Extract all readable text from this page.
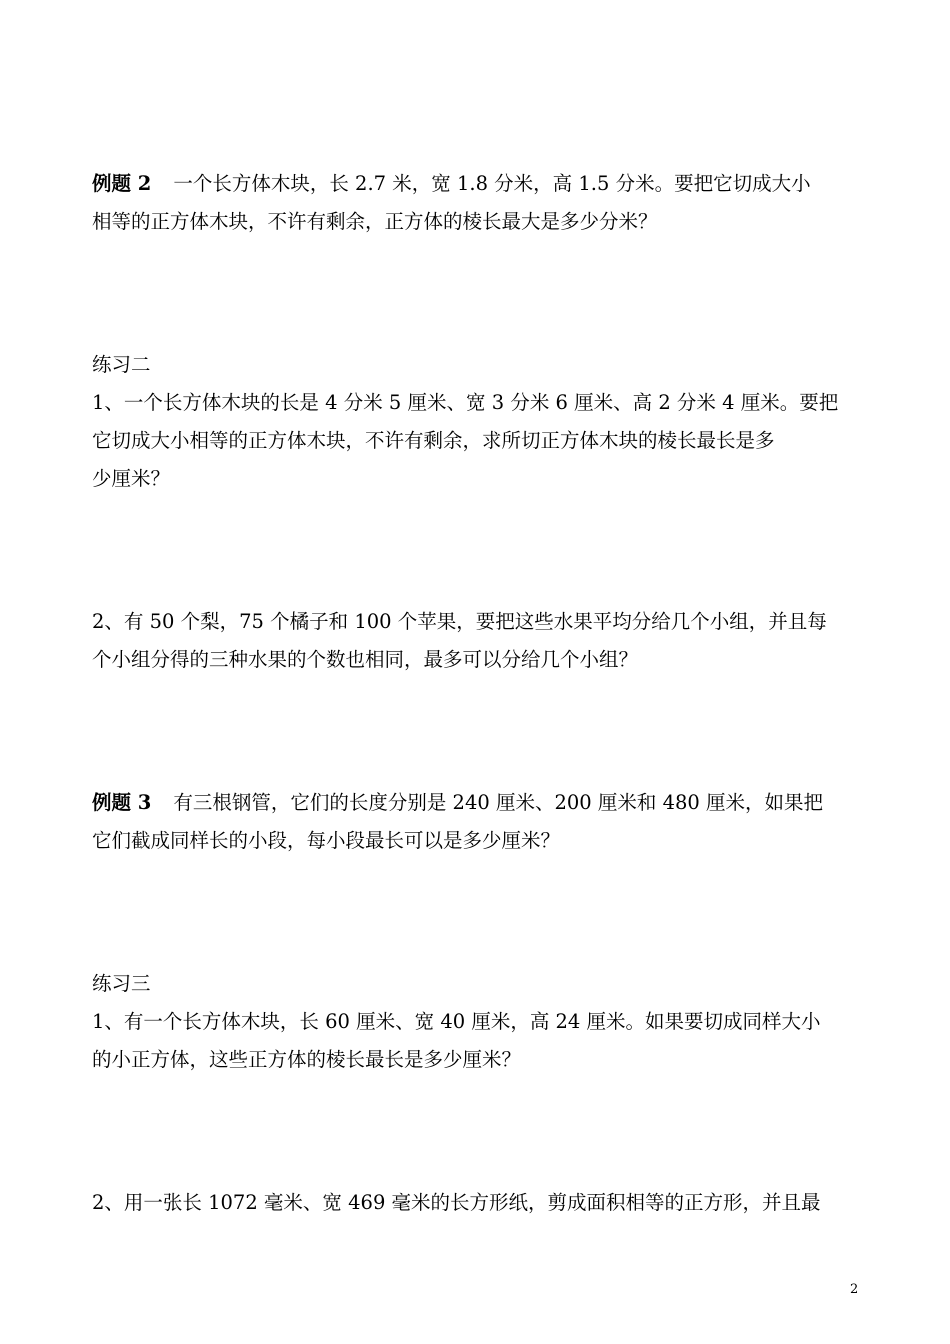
例题 2 一个长方体木块，长 2.7 米，宽 1.8 分米，高 1.5 分米。要把它切成大小
相等的正方体木块，不许有剩余，正方体的棱长最大是多少分米？
练习二
1、一个长方体木块的长是 4 分米 5 厘米、宽 3 分米 6 厘米、高 2 分米 4 厘米。要把
它切成大小相等的正方体木块，不许有剩余，求所切正方体木块的棱长最长是多
少厘米？
2、有 50 个梨，75 个橘子和 100 个苹果，要把这些水果平均分给几个小组，并且每
个小组分得的三种水果的个数也相同，最多可以分给几个小组？
例题 3 有三根钢管，它们的长度分别是 240 厘米、200 厘米和 480 厘米，如果把
它们截成同样长的小段，每小段最长可以是多少厘米？
练习三
1、有一个长方体木块，长 60 厘米、宽 40 厘米，高 24 厘米。如果要切成同样大小
的小正方体，这些正方体的棱长最长是多少厘米？
2、用一张长 1072 毫米、宽 469 毫米的长方形纸，剪成面积相等的正方形，并且最
2
